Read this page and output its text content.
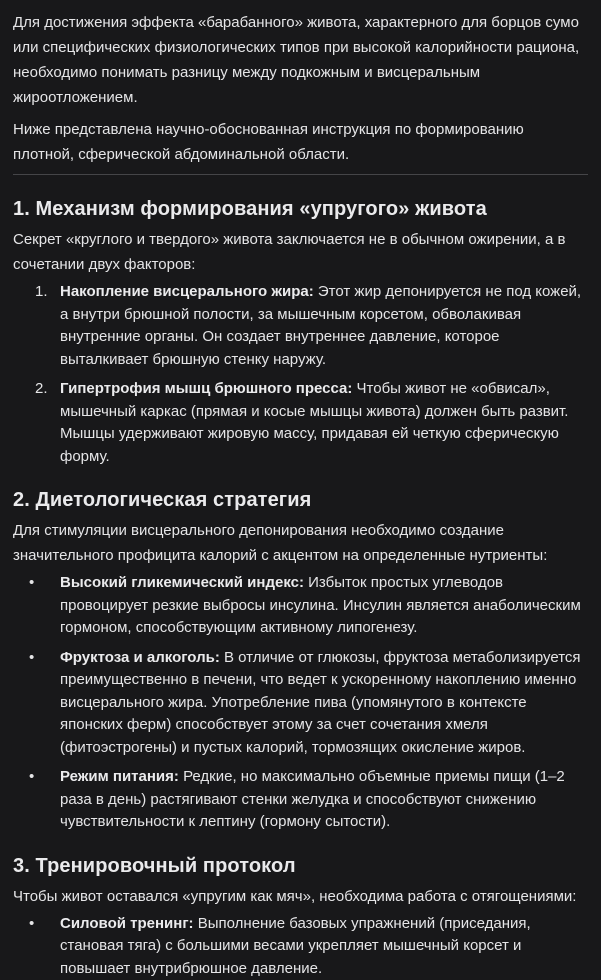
Для достижения эффекта «барабанного» живота, характерного для борцов сумо или специфических физиологических типов при высокой калорийности рациона, необходимо понимать разницу между подкожным и висцеральным жироотложением.

Ниже представлена научно-обоснованная инструкция по формированию плотной, сферической абдоминальной области.

1. Механизм формирования «упругого» живота

Секрет «круглого и твердого» живота заключается не в обычном ожирении, а в сочетании двух факторов:

Накопление висцерального жира: Этот жир депонируется не под кожей, а внутри брюшной полости, за мышечным корсетом, обволакивая внутренние органы. Он создает внутреннее давление, которое выталкивает брюшную стенку наружу.
Гипертрофия мышц брюшного пресса: Чтобы живот не «обвисал», мышечный каркас (прямая и косые мышцы живота) должен быть развит. Мышцы удерживают жировую массу, придавая ей четкую сферическую форму.
2. Диетологическая стратегия

Для стимуляции висцерального депонирования необходимо создание значительного профицита калорий с акцентом на определенные нутриенты:

• Высокий гликемический индекс: Избыток простых углеводов провоцирует резкие выбросы инсулина. Инсулин является анаболическим гормоном, способствующим активному липогенезу.
• Фруктоза и алкоголь: В отличие от глюкозы, фруктоза метаболизируется преимущественно в печени, что ведет к ускоренному накоплению именно висцерального жира. Употребление пива (упомянутого в контексте японских ферм) способствует этому за счет сочетания хмеля (фитоэстрогены) и пустых калорий, тормозящих окисление жиров.
• Режим питания: Редкие, но максимально объемные приемы пищи (1–2 раза в день) растягивают стенки желудка и способствуют снижению чувствительности к лептину (гормону сытости).
3. Тренировочный протокол

Чтобы живот оставался «упругим как мяч», необходима работа с отягощениями:

• Силовой тренинг: Выполнение базовых упражнений (приседания, становая тяга) с большими весами укрепляет мышечный корсет и повышает внутрибрюшное давление.
